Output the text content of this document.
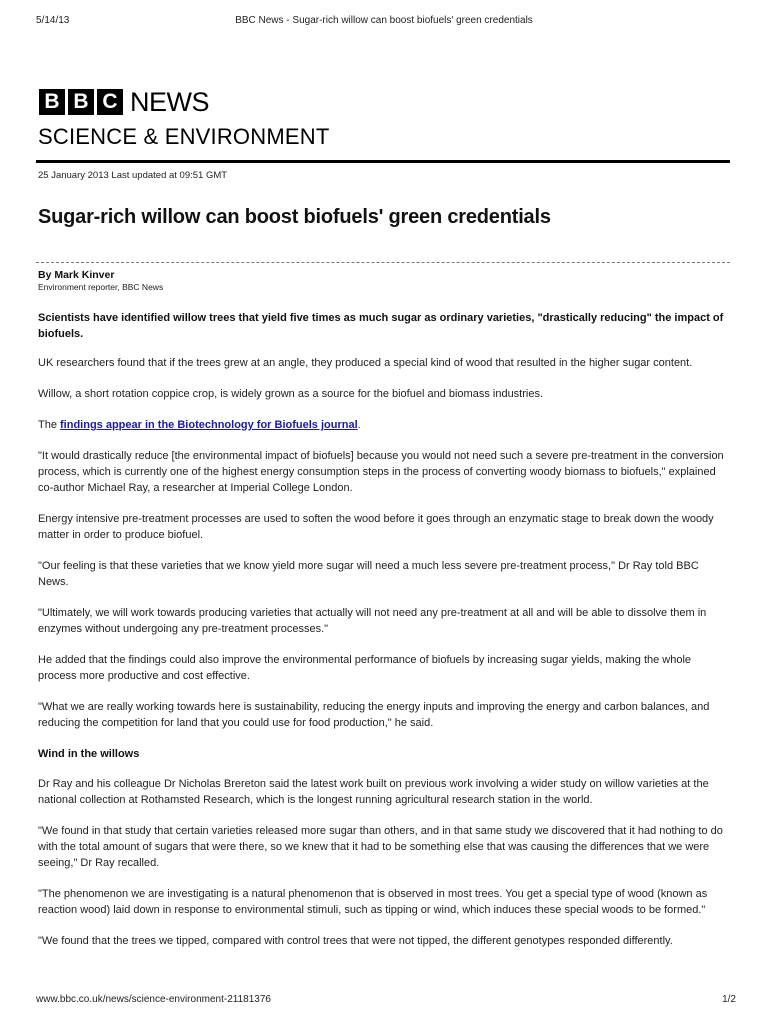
5/14/13	BBC News - Sugar-rich willow can boost biofuels' green credentials
B B C NEWS
SCIENCE & ENVIRONMENT
25 January 2013 Last updated at 09:51 GMT
Sugar-rich willow can boost biofuels' green credentials
By Mark Kinver
Environment reporter, BBC News

Scientists have identified willow trees that yield five times as much sugar as ordinary varieties, "drastically reducing" the impact of biofuels.

UK researchers found that if the trees grew at an angle, they produced a special kind of wood that resulted in the higher sugar content.

Willow, a short rotation coppice crop, is widely grown as a source for the biofuel and biomass industries.

The findings appear in the Biotechnology for Biofuels journal.

"It would drastically reduce [the environmental impact of biofuels] because you would not need such a severe pre-treatment in the conversion process, which is currently one of the highest energy consumption steps in the process of converting woody biomass to biofuels," explained co-author Michael Ray, a researcher at Imperial College London.

Energy intensive pre-treatment processes are used to soften the wood before it goes through an enzymatic stage to break down the woody matter in order to produce biofuel.

"Our feeling is that these varieties that we know yield more sugar will need a much less severe pre-treatment process," Dr Ray told BBC News.

"Ultimately, we will work towards producing varieties that actually will not need any pre-treatment at all and will be able to dissolve them in enzymes without undergoing any pre-treatment processes."

He added that the findings could also improve the environmental performance of biofuels by increasing sugar yields, making the whole process more productive and cost effective.

"What we are really working towards here is sustainability, reducing the energy inputs and improving the energy and carbon balances, and reducing the competition for land that you could use for food production," he said.

Wind in the willows

Dr Ray and his colleague Dr Nicholas Brereton said the latest work built on previous work involving a wider study on willow varieties at the national collection at Rothamsted Research, which is the longest running agricultural research station in the world.

"We found in that study that certain varieties released more sugar than others, and in that same study we discovered that it had nothing to do with the total amount of sugars that were there, so we knew that it had to be something else that was causing the differences that we were seeing," Dr Ray recalled.

"The phenomenon we are investigating is a natural phenomenon that is observed in most trees. You get a special type of wood (known as reaction wood) laid down in response to environmental stimuli, such as tipping or wind, which induces these special woods to be formed."

"We found that the trees we tipped, compared with control trees that were not tipped, the different genotypes responded differently.

www.bbc.co.uk/news/science-environment-21181376	1/2
